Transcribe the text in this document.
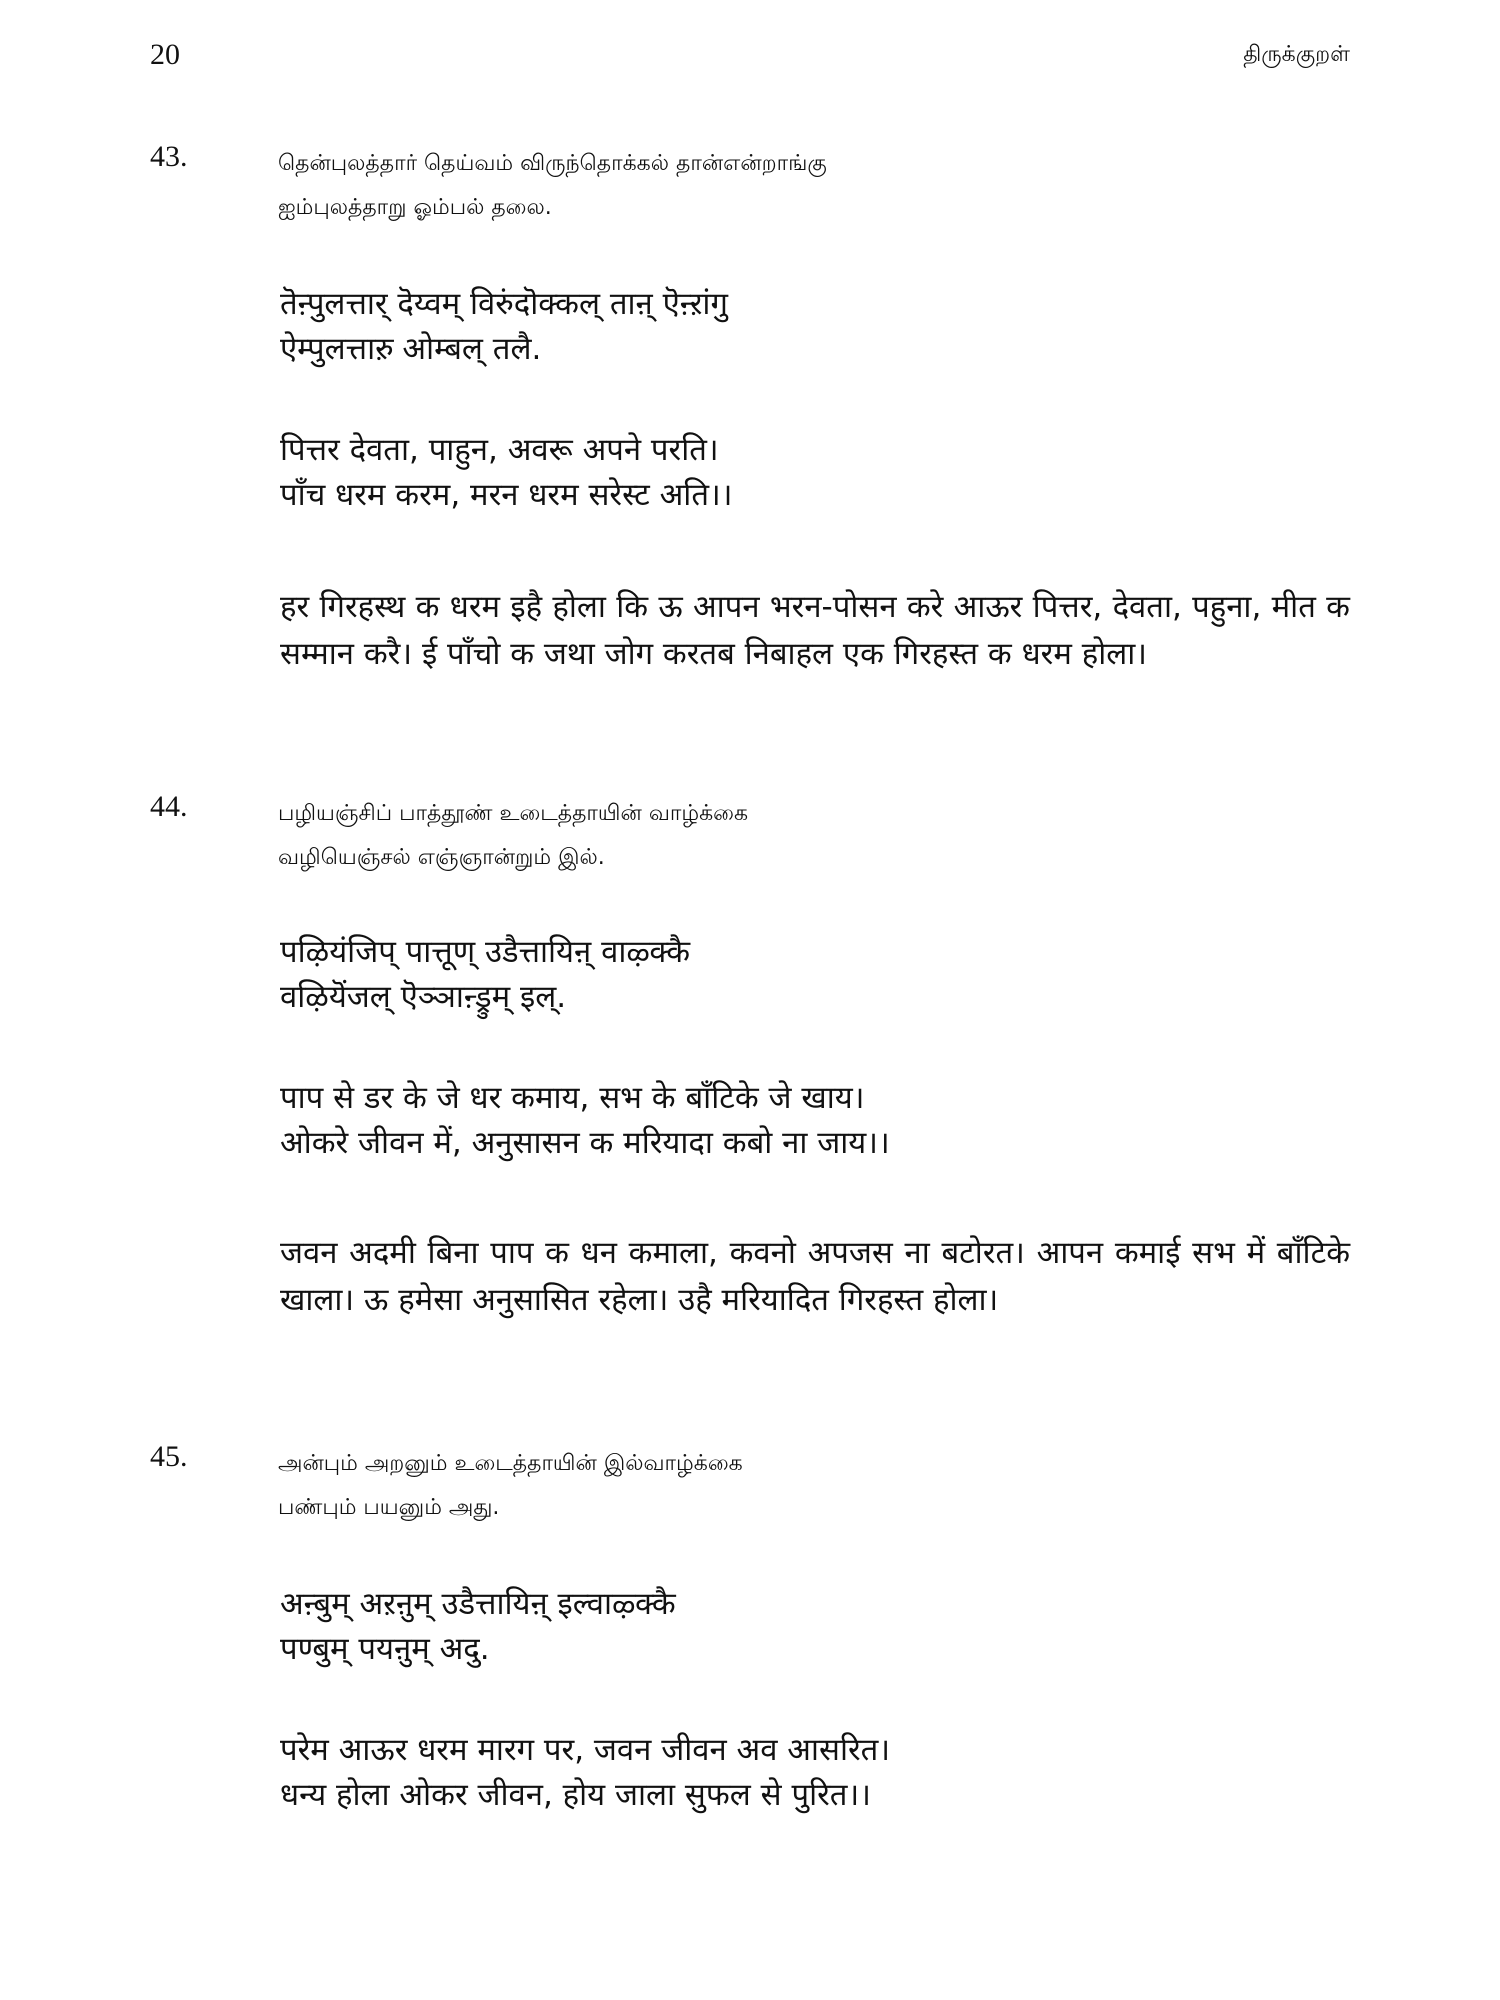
20	திருக்குறள்
43.	தென்புலத்தார் தெய்வம் விருந்தொக்கல் தான்என்றாங்கு
ஐம்புலத்தாறு ஓம்பல் தலை.
तॆऩ्पुलत्तार् दॆय्वम् विरुंदॊक्कल् ताऩ् ऎऩ्ऱांगु
ऐम्पुलत्ताऱु ओम्बल् तलै.
पित्तर देवता, पाहुन, अवरू अपने परति।
पाँच धरम करम, मरन धरम सरेस्ट अति।।
हर गिरहस्थ क धरम इहै होला कि ऊ आपन भरन-पोसन करे आऊर पित्तर, देवता, पहुना, मीत क सम्मान करै। ई पाँचो क जथा जोग करतब निबाहल एक गिरहस्त क धरम होला।
44.	பழியஞ்சிப் பாத்தூண் உடைத்தாயின் வாழ்க்கை
வழியெஞ்சல் எஞ்ஞான்றும் இல்.
पऴियंजिप् पात्तूण् उडैत्तायिऩ् वाऴ्क्कै
वऴियॆंजल् ऎञ्ञाऩ्ड्रुम् इल्.
पाप से डर के जे धर कमाय, सभ के बाँटिके जे खाय।
ओकरे जीवन में, अनुसासन क मरियादा कबो ना जाय।।
जवन अदमी बिना पाप क धन कमाला, कवनो अपजस ना बटोरत। आपन कमाई सभ में बाँटिके खाला। ऊ हमेसा अनुसासित रहेला। उहै मरियादित गिरहस्त होला।
45.	அன்பும் அறனும் உடைத்தாயின் இல்வாழ்க்கை
பண்பும் பயனும் அது.
अऩ्बुम् अऱऩुम् उडैत्तायिऩ् इल्वाऴ्क्कै
पण्बुम् पयऩुम् अदु.
परेम आऊर धरम मारग पर, जवन जीवन अव आसरित।
धन्य होला ओकर जीवन, होय जाला सुफल से पुरित।।
